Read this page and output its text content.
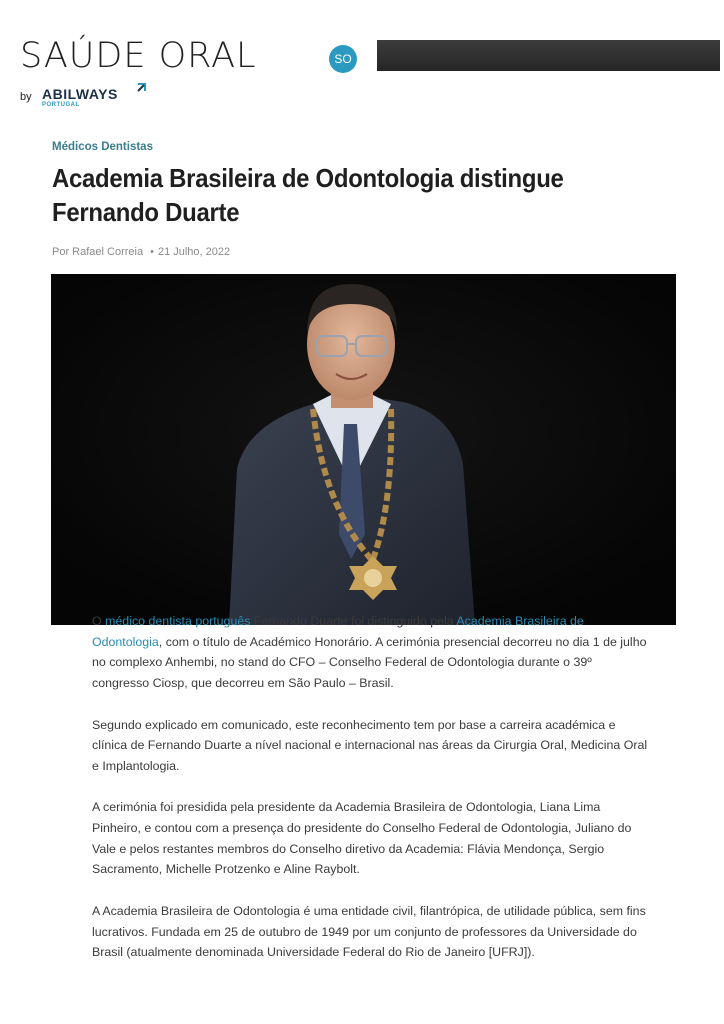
SAÚDE ORAL	SO
by ABILWAYS
PORTUGAL
Médicos Dentistas
Academia Brasileira de Odontologia distingue Fernando Duarte
Por Rafael Correia • 21 Julho, 2022

O médico dentista português Fernando Duarte foi distinguido pela Academia Brasileira de Odontologia, com o título de Académico Honorário. A cerimónia presencial decorreu no dia 1 de julho no complexo Anhembi, no stand do CFO – Conselho Federal de Odontologia durante o 39º congresso Ciosp, que decorreu em São Paulo – Brasil.

Segundo explicado em comunicado, este reconhecimento tem por base a carreira académica e clínica de Fernando Duarte a nível nacional e internacional nas áreas da Cirurgia Oral, Medicina Oral e Implantologia.

A cerimónia foi presidida pela presidente da Academia Brasileira de Odontologia, Liana Lima Pinheiro, e contou com a presença do presidente do Conselho Federal de Odontologia, Juliano do Vale e pelos restantes membros do Conselho diretivo da Academia: Flávia Mendonça, Sergio Sacramento, Michelle Protzenko e Aline Raybolt.

A Academia Brasileira de Odontologia é uma entidade civil, filantrópica, de utilidade pública, sem fins lucrativos. Fundada em 25 de outubro de 1949 por um conjunto de professores da Universidade do Brasil (atualmente denominada Universidade Federal do Rio de Janeiro [UFRJ]).
